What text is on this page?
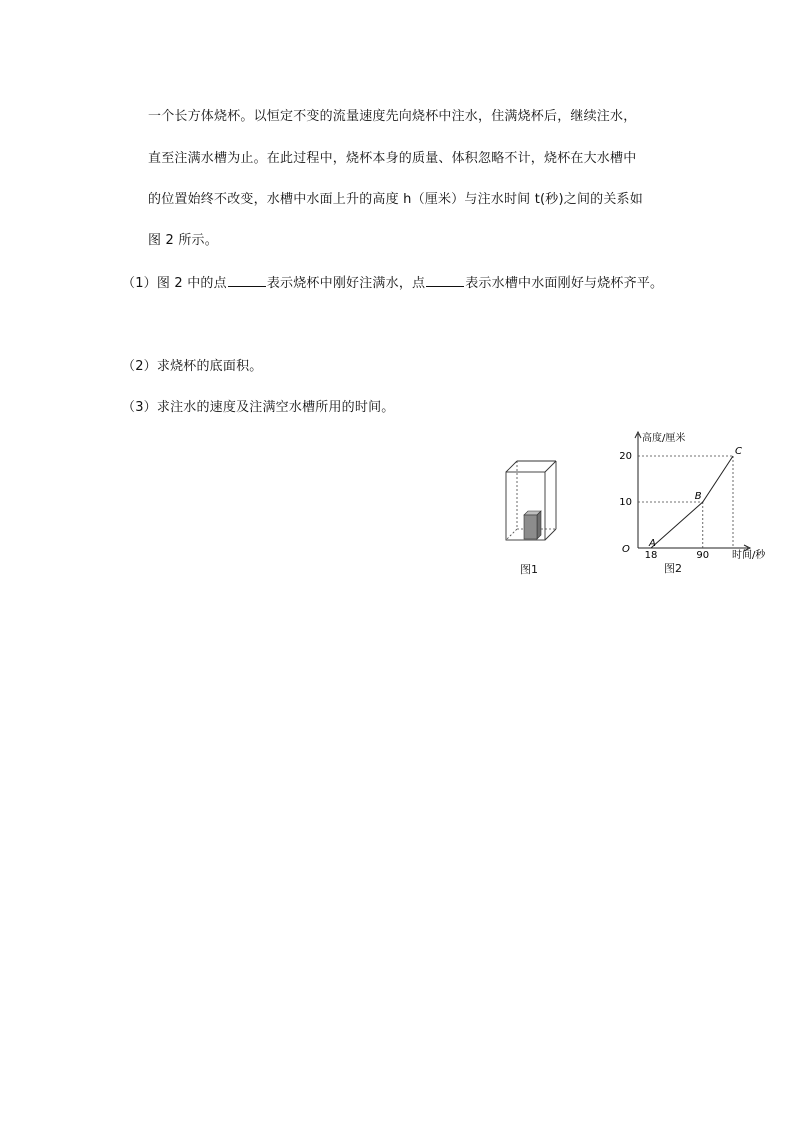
一个长方体烧杯。以恒定不变的流量速度先向烧杯中注水，住满烧杯后，继续注水，
直至注满水槽为止。在此过程中，烧杯本身的质量、体积忽略不计，烧杯在大水槽中
的位置始终不改变，水槽中水面上升的高度 h（厘米）与注水时间 t(秒)之间的关系如
图 2 所示。
（1）图 2 中的点	表示烧杯中刚好注满水，点	表示水槽中水面刚好与烧杯齐平。
（2）求烧杯的底面积。
（3）求注水的速度及注满空水槽所用的时间。
图1
高度/厘米
时间/秒
O
10
20
18	90
A
B
C
图2
